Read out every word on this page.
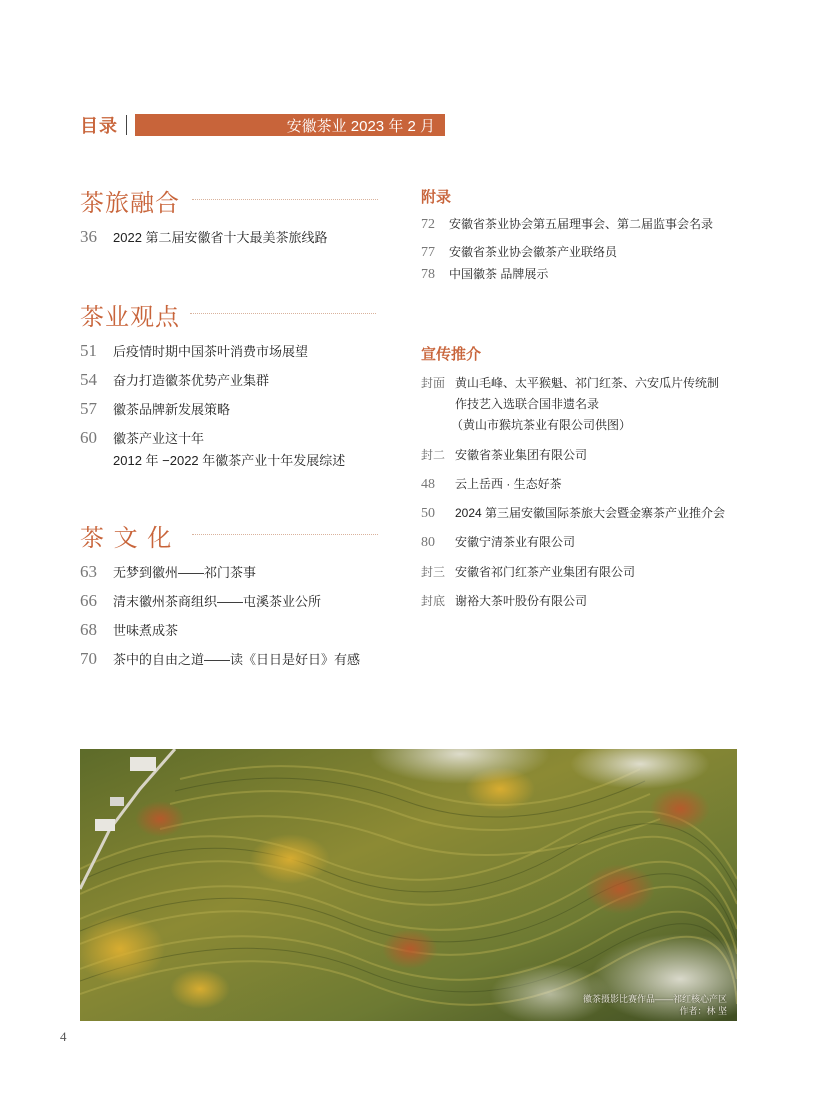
目录	安徽茶业 2023 年 2 月
茶旅融合
36	2022 第二届安徽省十大最美茶旅线路
茶业观点
51	后疫情时期中国茶叶消费市场展望
54	奋力打造徽茶优势产业集群
57	徽茶品牌新发展策略
60	徽茶产业这十年
2012 年 −2022 年徽茶产业十年发展综述
茶 文 化
63	无梦到徽州——祁门茶事
66	清末徽州茶商组织——屯溪茶业公所
68	世味煮成茶
70	茶中的自由之道——读《日日是好日》有感
附录
72	安徽省茶业协会第五届理事会、第二届监事会名录
77	安徽省茶业协会徽茶产业联络员
78	中国徽茶 品牌展示
宣传推介
封面 黄山毛峰、太平猴魁、祁门红茶、六安瓜片传统制
作技艺入选联合国非遗名录
（黄山市猴坑茶业有限公司供图）
封二 安徽省茶业集团有限公司
48	云上岳西 · 生态好茶
50	2024 第三届安徽国际茶旅大会暨金寨茶产业推介会
80	安徽宁清茶业有限公司
封三 安徽省祁门红茶产业集团有限公司
封底 谢裕大茶叶股份有限公司
徽茶摄影比赛作品——祁红核心产区
作者：林 坚
4
